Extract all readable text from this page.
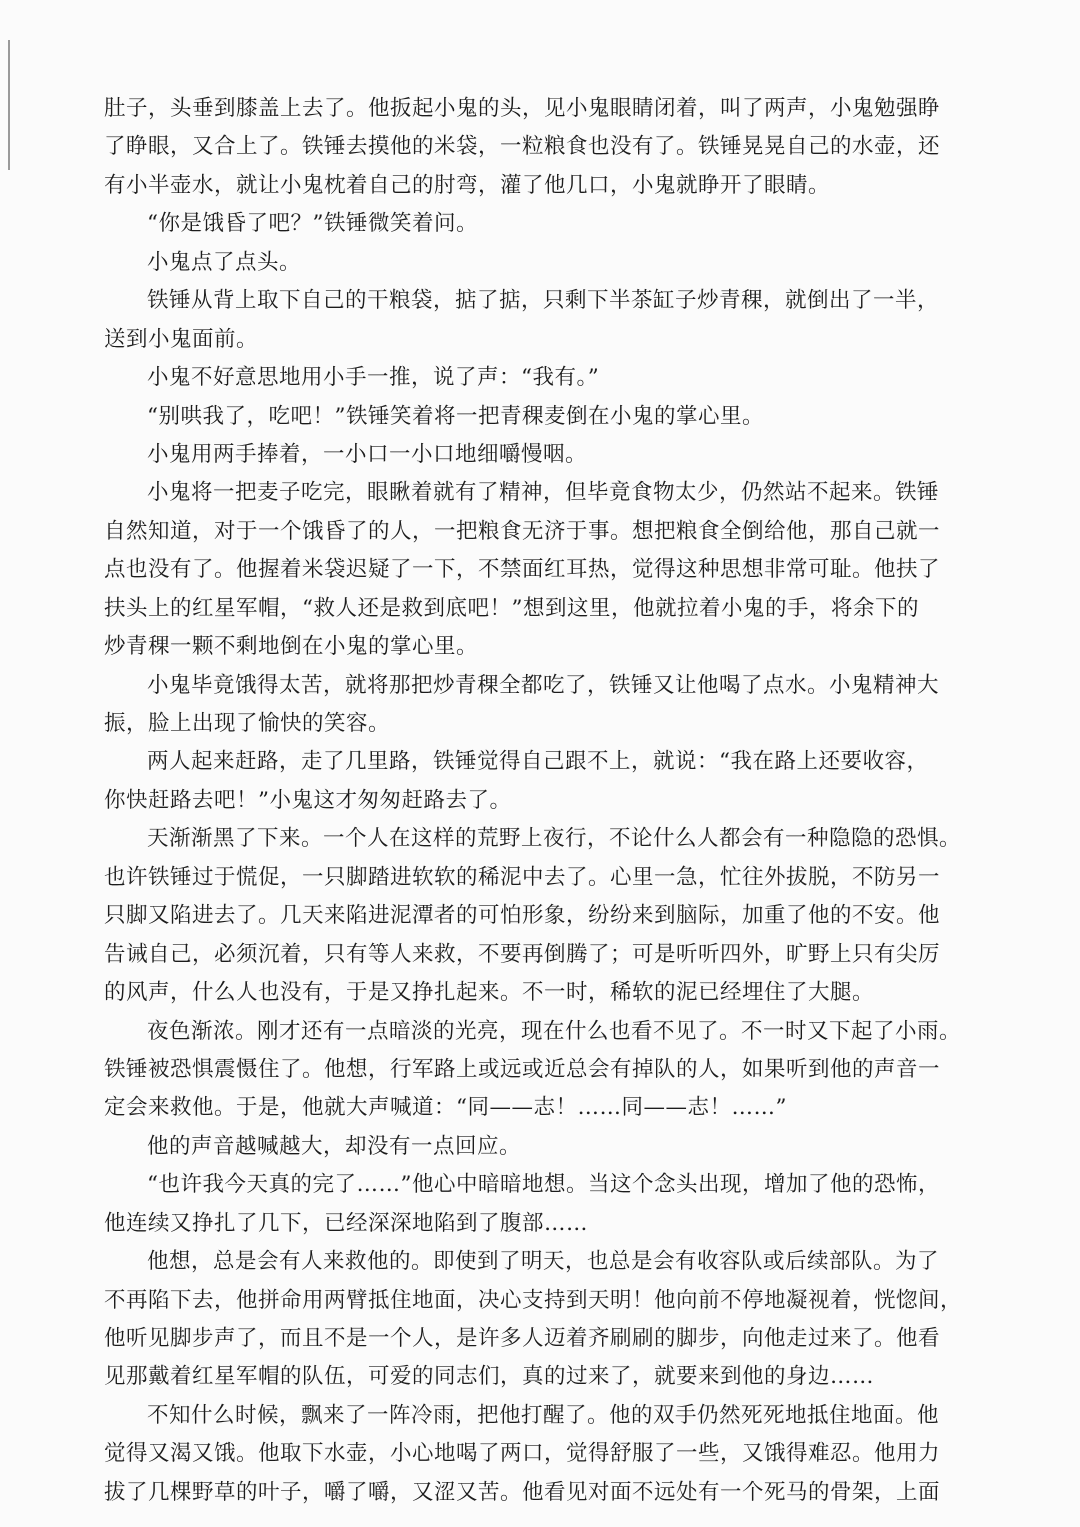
肚子，头垂到膝盖上去了。他扳起小鬼的头，见小鬼眼睛闭着，叫了两声，小鬼勉强睁
了睁眼，又合上了。铁锤去摸他的米袋，一粒粮食也没有了。铁锤晃晃自己的水壶，还
有小半壶水，就让小鬼枕着自己的肘弯，灌了他几口，小鬼就睁开了眼睛。
“你是饿昏了吧？”铁锤微笑着问。
小鬼点了点头。
铁锤从背上取下自己的干粮袋，掂了掂，只剩下半茶缸子炒青稞，就倒出了一半，
送到小鬼面前。
小鬼不好意思地用小手一推，说了声：“我有。”
“别哄我了，吃吧！”铁锤笑着将一把青稞麦倒在小鬼的掌心里。
小鬼用两手捧着，一小口一小口地细嚼慢咽。
小鬼将一把麦子吃完，眼瞅着就有了精神，但毕竟食物太少，仍然站不起来。铁锤
自然知道，对于一个饿昏了的人，一把粮食无济于事。想把粮食全倒给他，那自己就一
点也没有了。他握着米袋迟疑了一下，不禁面红耳热，觉得这种思想非常可耻。他扶了
扶头上的红星军帽，“救人还是救到底吧！”想到这里，他就拉着小鬼的手，将余下的
炒青稞一颗不剩地倒在小鬼的掌心里。
小鬼毕竟饿得太苦，就将那把炒青稞全都吃了，铁锤又让他喝了点水。小鬼精神大
振，脸上出现了愉快的笑容。
两人起来赶路，走了几里路，铁锤觉得自己跟不上，就说：“我在路上还要收容，
你快赶路去吧！”小鬼这才匆匆赶路去了。
天渐渐黑了下来。一个人在这样的荒野上夜行，不论什么人都会有一种隐隐的恐惧。
也许铁锤过于慌促，一只脚踏进软软的稀泥中去了。心里一急，忙往外拔脱，不防另一
只脚又陷进去了。几天来陷进泥潭者的可怕形象，纷纷来到脑际，加重了他的不安。他
告诫自己，必须沉着，只有等人来救，不要再倒腾了；可是听听四外，旷野上只有尖厉
的风声，什么人也没有，于是又挣扎起来。不一时，稀软的泥已经埋住了大腿。
夜色渐浓。刚才还有一点暗淡的光亮，现在什么也看不见了。不一时又下起了小雨。
铁锤被恐惧震慑住了。他想，行军路上或远或近总会有掉队的人，如果听到他的声音一
定会来救他。于是，他就大声喊道：“同——志！……同——志！……”
他的声音越喊越大，却没有一点回应。
“也许我今天真的完了……”他心中暗暗地想。当这个念头出现，增加了他的恐怖，
他连续又挣扎了几下，已经深深地陷到了腹部……
他想，总是会有人来救他的。即使到了明天，也总是会有收容队或后续部队。为了
不再陷下去，他拼命用两臂抵住地面，决心支持到天明！他向前不停地凝视着，恍惚间，
他听见脚步声了，而且不是一个人，是许多人迈着齐刷刷的脚步，向他走过来了。他看
见那戴着红星军帽的队伍，可爱的同志们，真的过来了，就要来到他的身边……
不知什么时候，飘来了一阵冷雨，把他打醒了。他的双手仍然死死地抵住地面。他
觉得又渴又饿。他取下水壶，小心地喝了两口，觉得舒服了一些，又饿得难忍。他用力
拔了几棵野草的叶子，嚼了嚼，又涩又苦。他看见对面不远处有一个死马的骨架，上面
